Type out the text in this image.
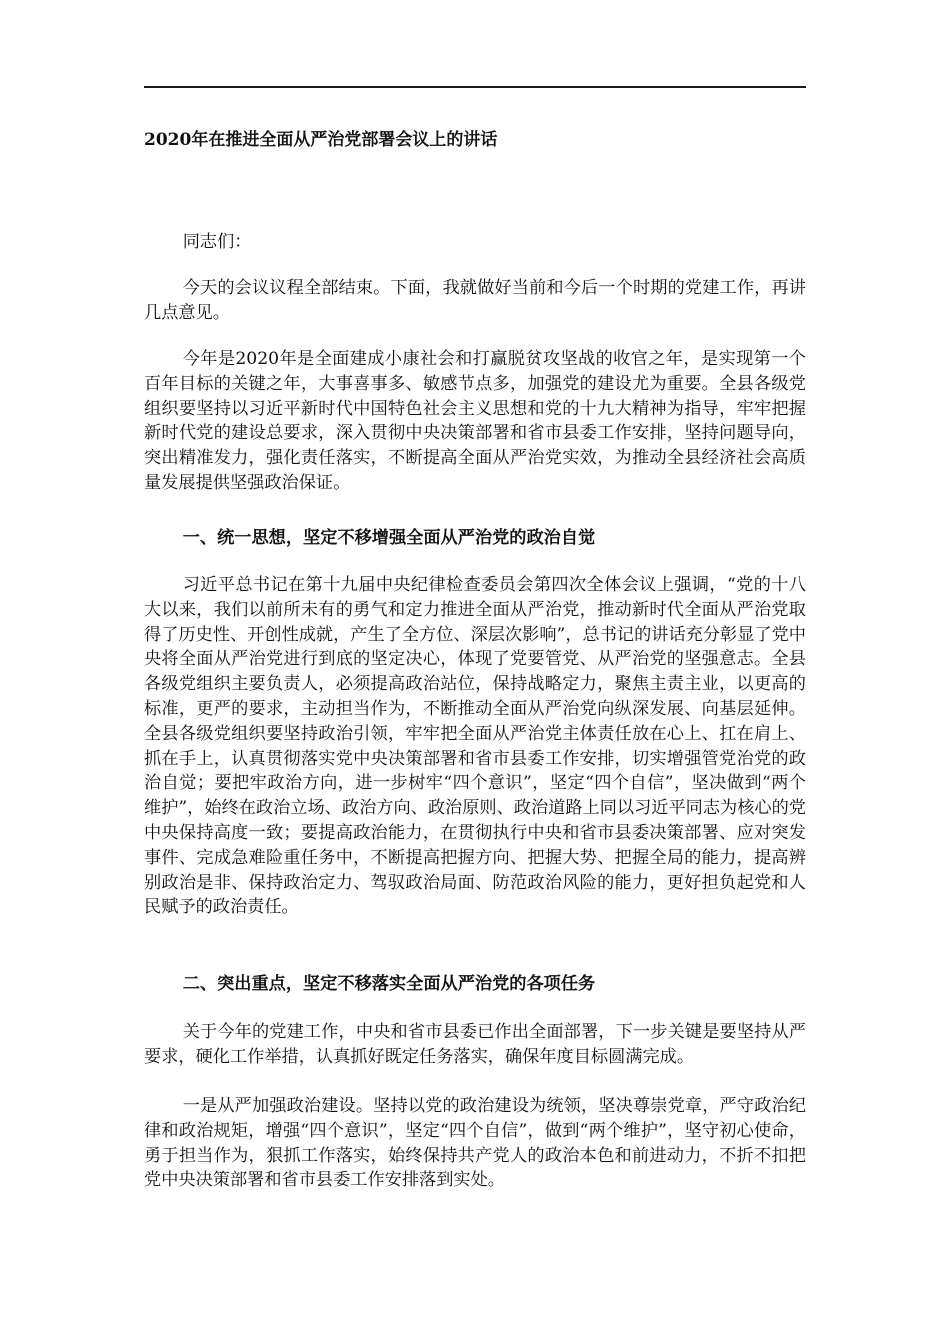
2020年在推进全面从严治党部署会议上的讲话
同志们：
今天的会议议程全部结束。下面，我就做好当前和今后一个时期的党建工作，再讲几点意见。
今年是2020年是全面建成小康社会和打赢脱贫攻坚战的收官之年，是实现第一个百年目标的关键之年，大事喜事多、敏感节点多，加强党的建设尤为重要。全县各级党组织要坚持以习近平新时代中国特色社会主义思想和党的十九大精神为指导，牢牢把握新时代党的建设总要求，深入贯彻中央决策部署和省市县委工作安排，坚持问题导向，突出精准发力，强化责任落实，不断提高全面从严治党实效，为推动全县经济社会高质量发展提供坚强政治保证。
一、统一思想，坚定不移增强全面从严治党的政治自觉
习近平总书记在第十九届中央纪律检查委员会第四次全体会议上强调，“党的十八大以来，我们以前所未有的勇气和定力推进全面从严治党，推动新时代全面从严治党取得了历史性、开创性成就，产生了全方位、深层次影响”，总书记的讲话充分彰显了党中央将全面从严治党进行到底的坚定决心，体现了党要管党、从严治党的坚强意志。全县各级党组织主要负责人，必须提高政治站位，保持战略定力，聚焦主责主业，以更高的标准，更严的要求，主动担当作为，不断推动全面从严治党向纵深发展、向基层延伸。全县各级党组织要坚持政治引领，牢牢把全面从严治党主体责任放在心上、扛在肩上、抓在手上，认真贯彻落实党中央决策部署和省市县委工作安排，切实增强管党治党的政治自觉；要把牢政治方向，进一步树牢“四个意识”，坚定“四个自信”，坚决做到“两个维护”，始终在政治立场、政治方向、政治原则、政治道路上同以习近平同志为核心的党中央保持高度一致；要提高政治能力，在贯彻执行中央和省市县委决策部署、应对突发事件、完成急难险重任务中，不断提高把握方向、把握大势、把握全局的能力，提高辨别政治是非、保持政治定力、驾驭政治局面、防范政治风险的能力，更好担负起党和人民赋予的政治责任。
二、突出重点，坚定不移落实全面从严治党的各项任务
关于今年的党建工作，中央和省市县委已作出全面部署，下一步关键是要坚持从严要求，硬化工作举措，认真抓好既定任务落实，确保年度目标圆满完成。
一是从严加强政治建设。坚持以党的政治建设为统领，坚决尊崇党章，严守政治纪律和政治规矩，增强“四个意识”，坚定“四个自信”，做到“两个维护”，坚守初心使命，勇于担当作为，狠抓工作落实，始终保持共产党人的政治本色和前进动力，不折不扣把党中央决策部署和省市县委工作安排落到实处。
